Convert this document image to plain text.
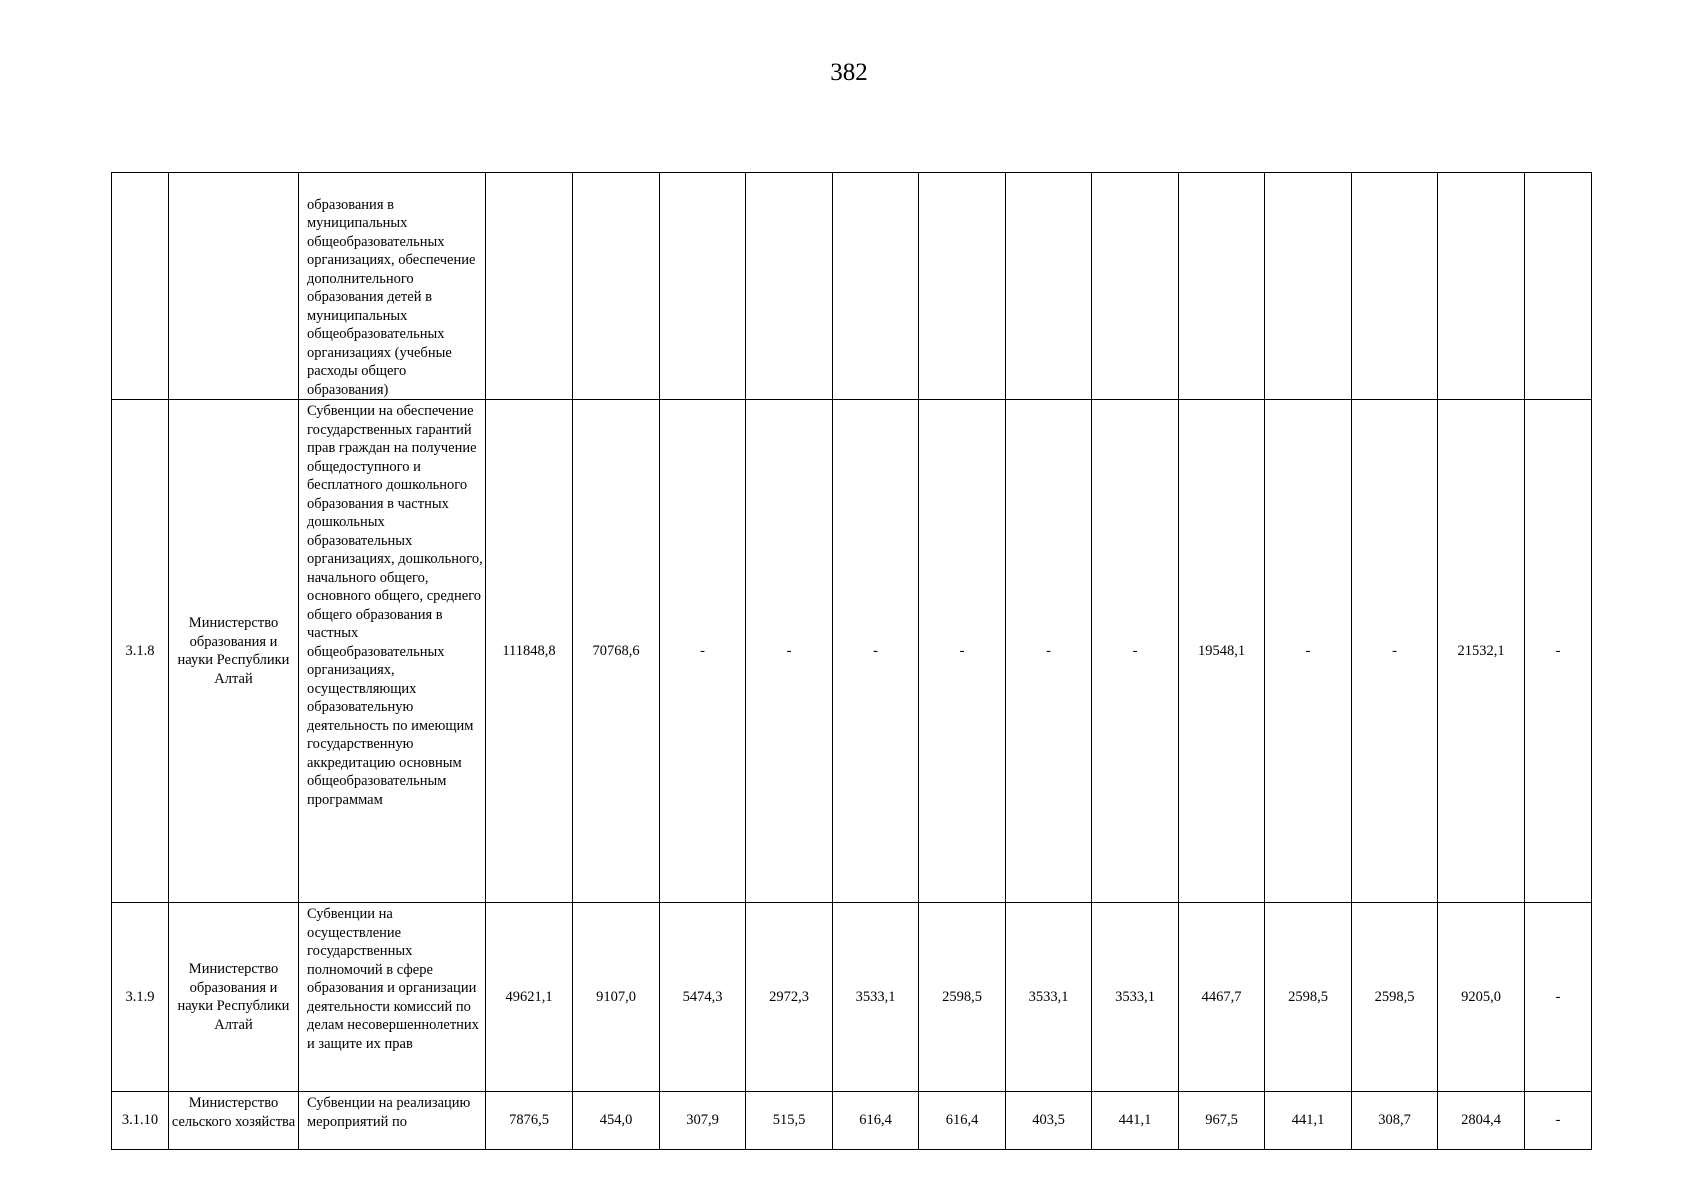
382
		образования в муниципальных общеобразовательных организациях, обеспечение дополнительного образования детей в муниципальных общеобразовательных организациях (учебные расходы общего образования)													
3.1.8	Министерство образования и науки Республики Алтай	Субвенции на обеспечение государственных гарантий прав граждан на получение общедоступного и бесплатного дошкольного образования в частных дошкольных образовательных организациях, дошкольного, начального общего, основного общего, среднего общего образования в частных общеобразовательных организациях, осуществляющих образовательную деятельность по имеющим государственную аккредитацию основным общеобразовательным программам	111848,8	70768,6	-	-	-	-	-	-	19548,1	-	-	21532,1	-
3.1.9	Министерство образования и науки Республики Алтай	Субвенции на осуществление государственных полномочий в сфере образования и организации деятельности комиссий по делам несовершеннолетних и защите их прав	49621,1	9107,0	5474,3	2972,3	3533,1	2598,5	3533,1	3533,1	4467,7	2598,5	2598,5	9205,0	-
3.1.10	Министерство сельского хозяйства	Субвенции на реализацию мероприятий по	7876,5	454,0	307,9	515,5	616,4	616,4	403,5	441,1	967,5	441,1	308,7	2804,4	-
